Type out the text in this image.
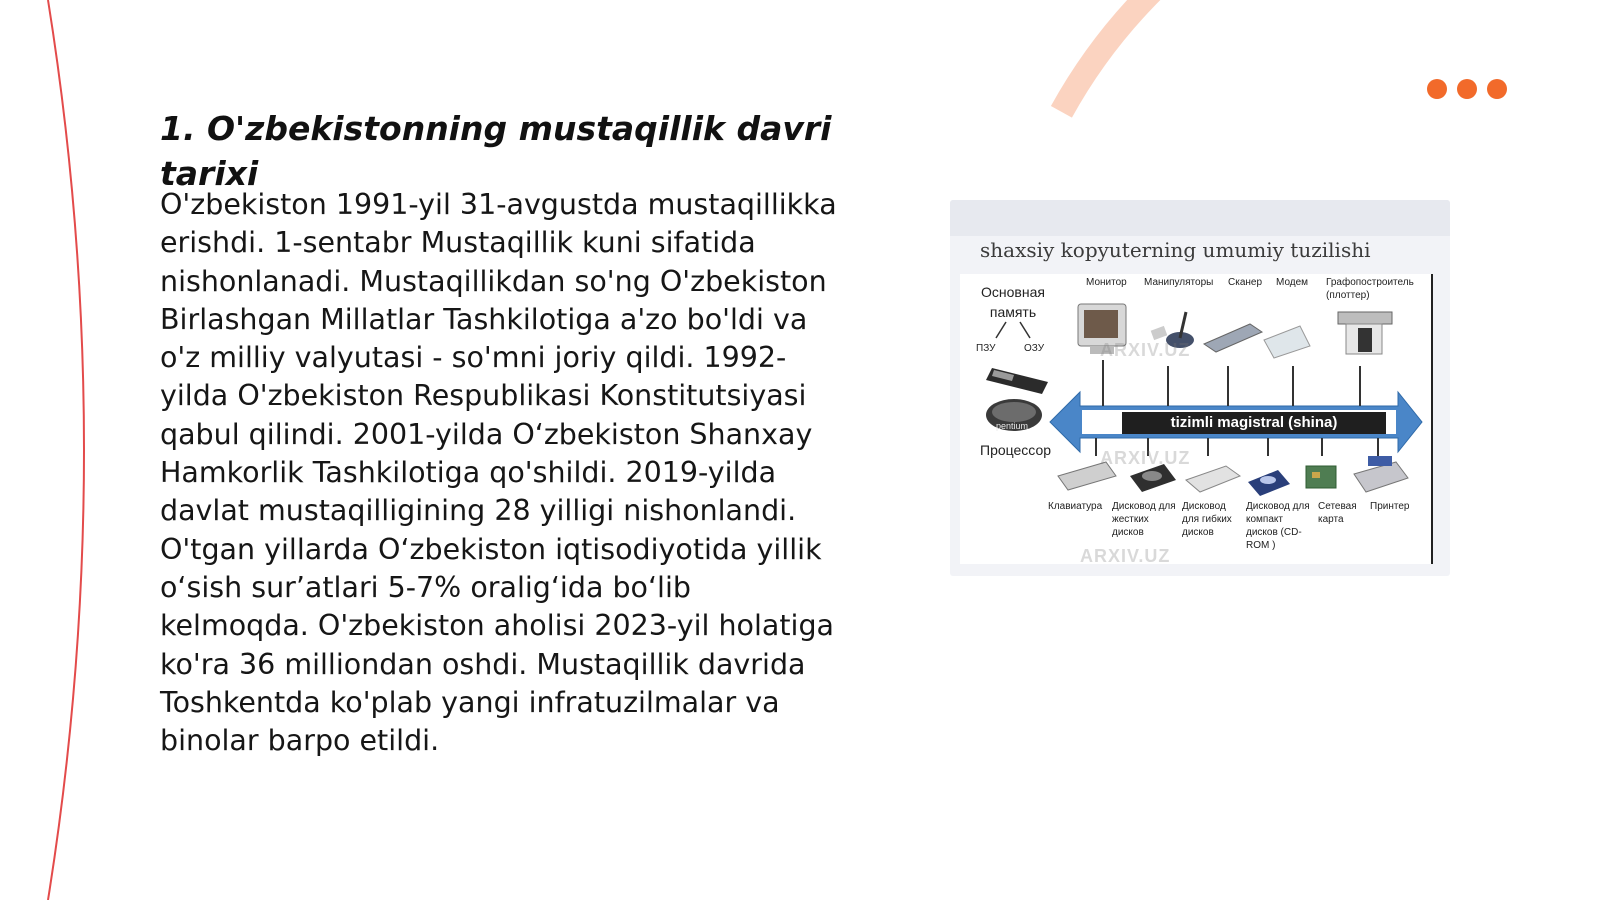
1. O'zbekistonning mustaqillik davri tarixi

O'zbekiston 1991-yil 31-avgustda mustaqillikka erishdi. 1-sentabr Mustaqillik kuni sifatida nishonlanadi. Mustaqillikdan so'ng O'zbekiston Birlashgan Millatlar Tashkilotiga a'zo bo'ldi va o'z milliy valyutasi - so'mni joriy qildi. 1992-yilda O'zbekiston Respublikasi Konstitutsiyasi qabul qilindi. 2001-yilda O‘zbekiston Shanxay Hamkorlik Tashkilotiga qo'shildi. 2019-yilda davlat mustaqilligining 28 yilligi nishonlandi. O'tgan yillarda O‘zbekiston iqtisodiyotida yillik o‘sish sur’atlari 5-7% oralig‘ida bo‘lib kelmoqda. O'zbekiston aholisi 2023-yil holatiga ko'ra 36 milliondan oshdi. Mustaqillik davrida Toshkentda ko'plab yangi infratuzilmalar va binolar barpo etildi.

shaxsiy kopyuterning umumiy tuzilishi
Основная память
ПЗУ	ОЗУ
pentium
Процессор
tizimli magistral (shina)
Монитор Манипуляторы Сканер Модем Графопостроитель (плоттер)
Клавиатура Дисковод для жестких дисков
Дисковод для гибких дисков
Дисковод для компакт дисков (CD-ROM )
Сетевая карта
Принтер
ARXIV.UZ
ARXIV.UZ
ARXIV.UZ
